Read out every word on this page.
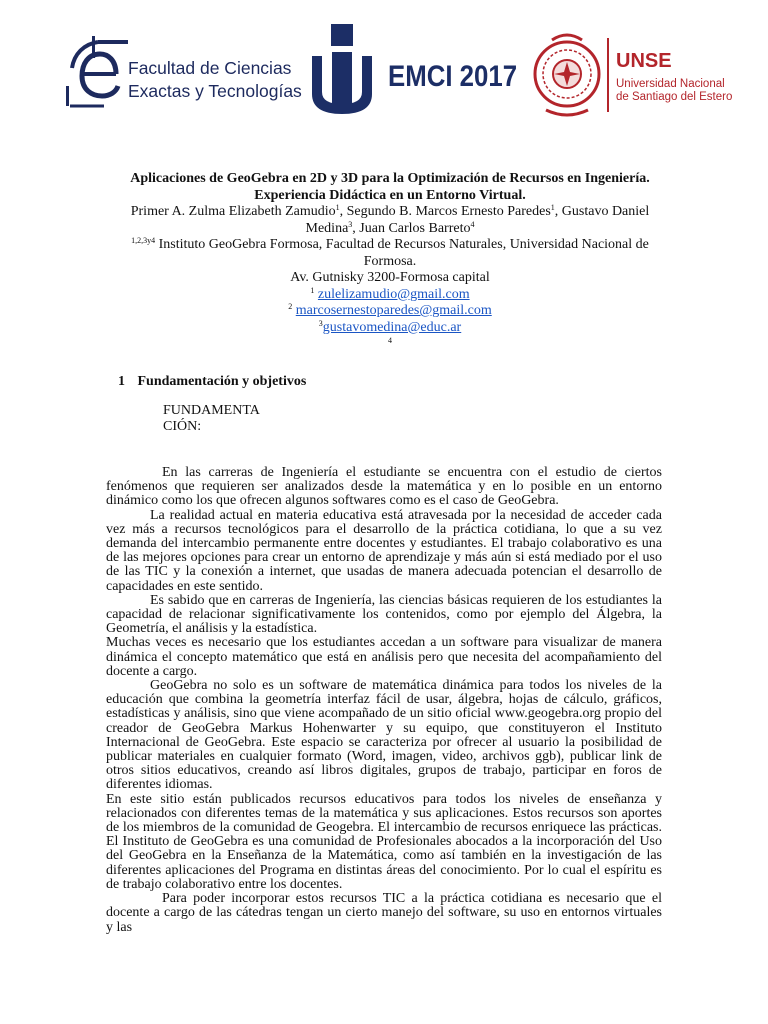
Facultad de Ciencias
Exactas y Tecnologías	EMCI 2017	UNSE
Universidad Nacional
de Santiago del Estero

Aplicaciones de GeoGebra en 2D y 3D para la Optimización de Recursos en Ingeniería.

Experiencia Didáctica en un Entorno Virtual.

Primer A. Zulma Elizabeth Zamudio$^1$, Segundo B. Marcos Ernesto Paredes$^1$, Gustavo Daniel

Medina$^3$, Juan Carlos Barreto$^4$

$^{1,2,3y4}$ Instituto GeoGebra Formosa, Facultad de Recursos Naturales, Universidad Nacional de

Formosa.

Av. Gutnisky 3200-Formosa capital

$^1$ zulelizamudio@gmail.com

$^2$ marcosernestoparedes@gmail.com

$^3$gustavomedina@educ.ar

4
1 Fundamentación y objetivos
FUNDAMENTA
CIÓN:

En las carreras de Ingeniería el estudiante se encuentra con el estudio de ciertos fenómenos que requieren ser analizados desde la matemática y en lo posible en un entorno dinámico como los que ofrecen algunos softwares como es el caso de GeoGebra.

La realidad actual en materia educativa está atravesada por la necesidad de acceder cada vez más a recursos tecnológicos para el desarrollo de la práctica cotidiana, lo que a su vez demanda del intercambio permanente entre docentes y estudiantes. El trabajo colaborativo es una de las mejores opciones para crear un entorno de aprendizaje y más aún si está mediado por el uso de las TIC y la conexión a internet, que usadas de manera adecuada potencian el desarrollo de capacidades en este sentido.

Es sabido que en carreras de Ingeniería, las ciencias básicas requieren de los estudiantes la capacidad de relacionar significativamente los contenidos, como por ejemplo del Álgebra, la Geometría, el análisis y la estadística.

Muchas veces es necesario que los estudiantes accedan a un software para visualizar de manera dinámica el concepto matemático que está en análisis pero que necesita del acompañamiento del docente a cargo.

GeoGebra no solo es un software de matemática dinámica para todos los niveles de la educación que combina la geometría interfaz fácil de usar, álgebra, hojas de cálculo, gráficos, estadísticas y análisis, sino que viene acompañado de un sitio oficial www.geogebra.org propio del creador de GeoGebra Markus Hohenwarter y su equipo, que constituyeron el Instituto Internacional de GeoGebra. Este espacio se caracteriza por ofrecer al usuario la posibilidad de publicar materiales en cualquier formato (Word, imagen, video, archivos ggb), publicar link de otros sitios educativos, creando así libros digitales, grupos de trabajo, participar en foros de diferentes idiomas.

En este sitio están publicados recursos educativos para todos los niveles de enseñanza y relacionados con diferentes temas de la matemática y sus aplicaciones. Estos recursos son aportes de los miembros de la comunidad de Geogebra. El intercambio de recursos enriquece las prácticas. El Instituto de GeoGebra es una comunidad de Profesionales abocados a la incorporación del Uso del GeoGebra en la Enseñanza de la Matemática, como así también en la investigación de las diferentes aplicaciones del Programa en distintas áreas del conocimiento. Por lo cual el espíritu es de trabajo colaborativo entre los docentes.

Para poder incorporar estos recursos TIC a la práctica cotidiana es necesario que el docente a cargo de las cátedras tengan un cierto manejo del software, su uso en entornos virtuales y las
